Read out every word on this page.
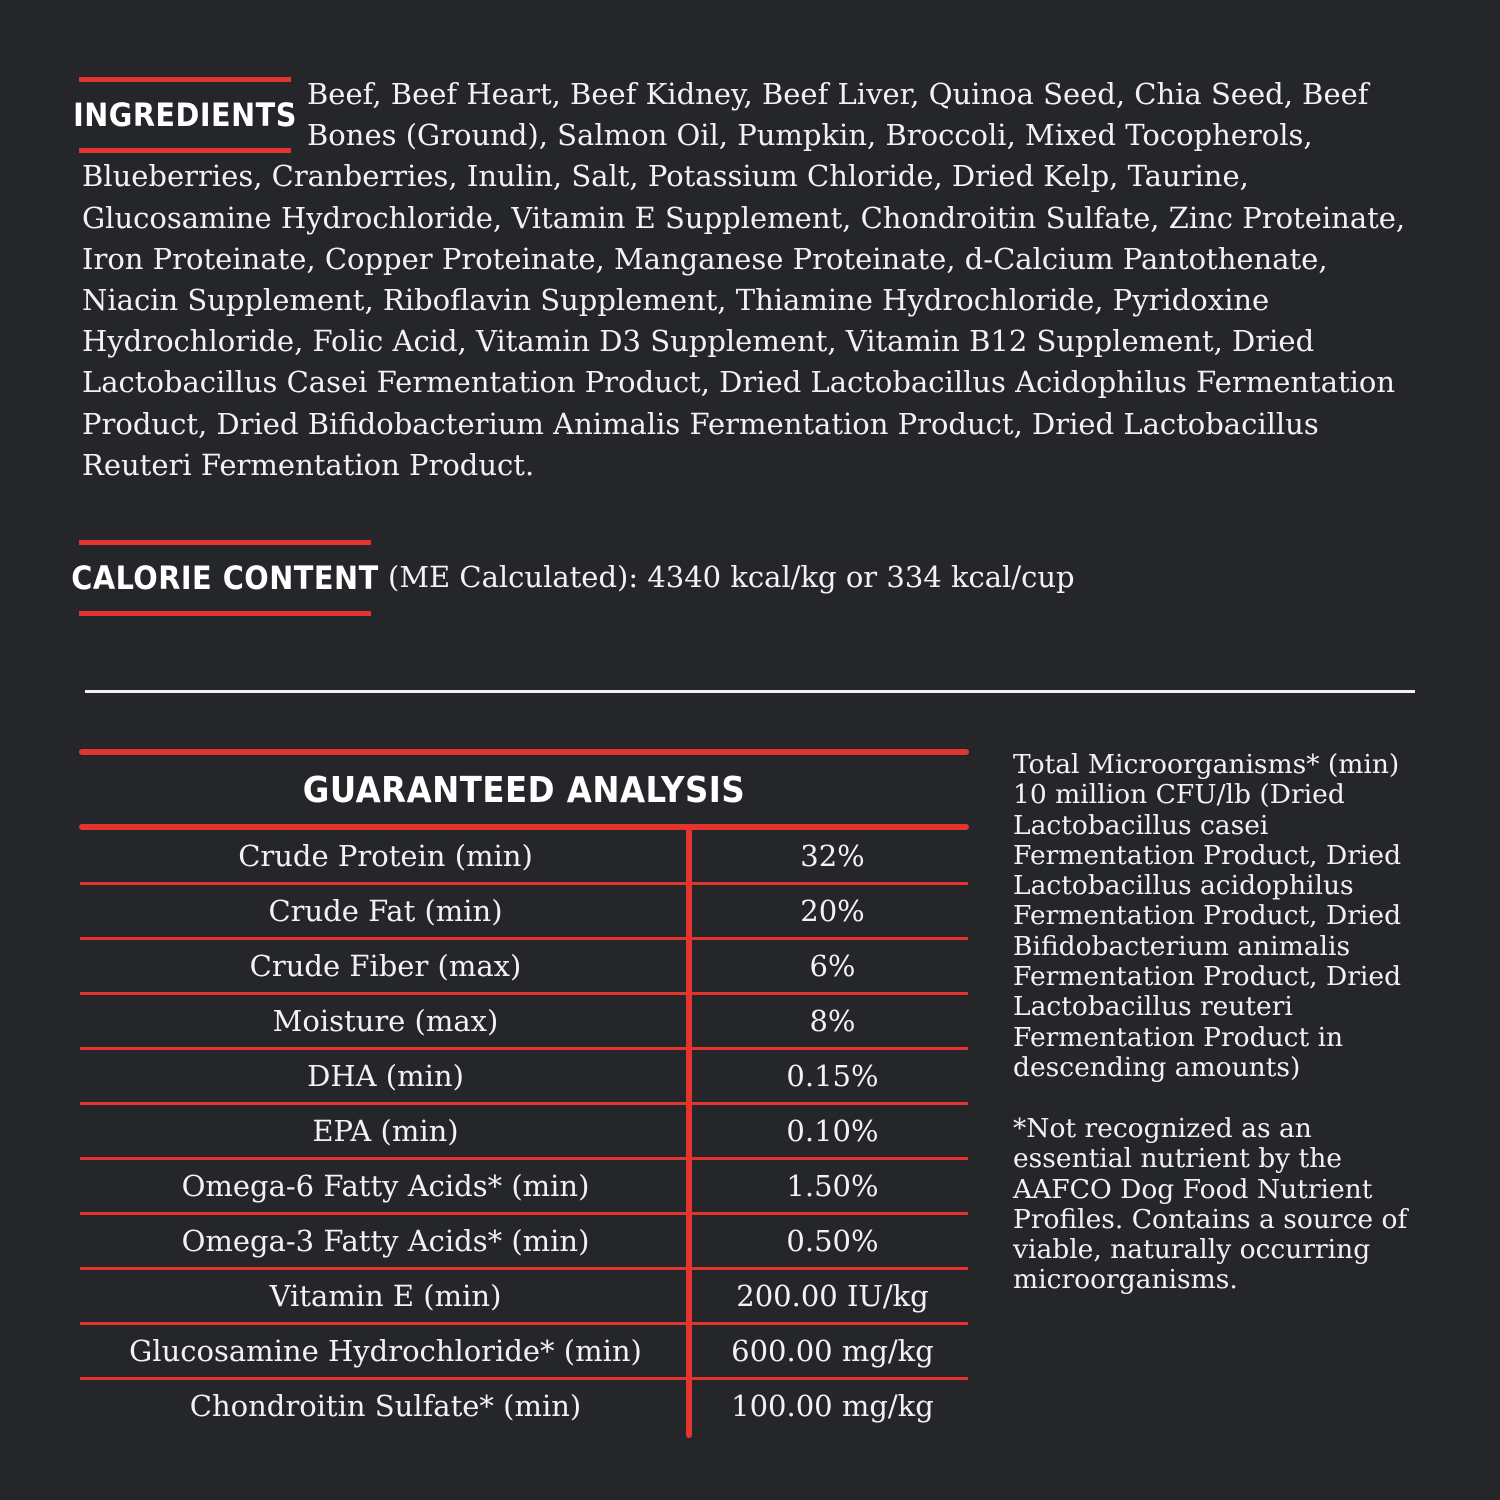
INGREDIENTS

Beef, Beef Heart, Beef Kidney, Beef Liver, Quinoa Seed, Chia Seed, Beef Bones (Ground), Salmon Oil, Pumpkin, Broccoli, Mixed Tocopherols, Blueberries, Cranberries, Inulin, Salt, Potassium Chloride, Dried Kelp, Taurine, Glucosamine Hydrochloride, Vitamin E Supplement, Chondroitin Sulfate, Zinc Proteinate, Iron Proteinate, Copper Proteinate, Manganese Proteinate, d-Calcium Pantothenate, Niacin Supplement, Riboflavin Supplement, Thiamine Hydrochloride, Pyridoxine Hydrochloride, Folic Acid, Vitamin D3 Supplement, Vitamin B12 Supplement, Dried Lactobacillus Casei Fermentation Product, Dried Lactobacillus Acidophilus Fermentation Product, Dried Bifidobacterium Animalis Fermentation Product, Dried Lactobacillus Reuteri Fermentation Product.

CALORIE CONTENT (ME Calculated): 4340 kcal/kg or 334 kcal/cup
GUARANTEED ANALYSIS
Crude Protein (min)	32%
Crude Fat (min)	20%
Crude Fiber (max)	6%
Moisture (max)	8%
DHA (min)	0.15%
EPA (min)	0.10%
Omega-6 Fatty Acids* (min)	1.50%
Omega-3 Fatty Acids* (min)	0.50%
Vitamin E (min)	200.00 IU/kg
Glucosamine Hydrochloride* (min)	600.00 mg/kg
Chondroitin Sulfate* (min)	100.00 mg/kg

Total Microorganisms* (min) 10 million CFU/lb (Dried Lactobacillus casei Fermentation Product, Dried Lactobacillus acidophilus Fermentation Product, Dried Bifidobacterium animalis Fermentation Product, Dried Lactobacillus reuteri Fermentation Product in descending amounts)

*Not recognized as an essential nutrient by the AAFCO Dog Food Nutrient Profiles. Contains a source of viable, naturally occurring microorganisms.
